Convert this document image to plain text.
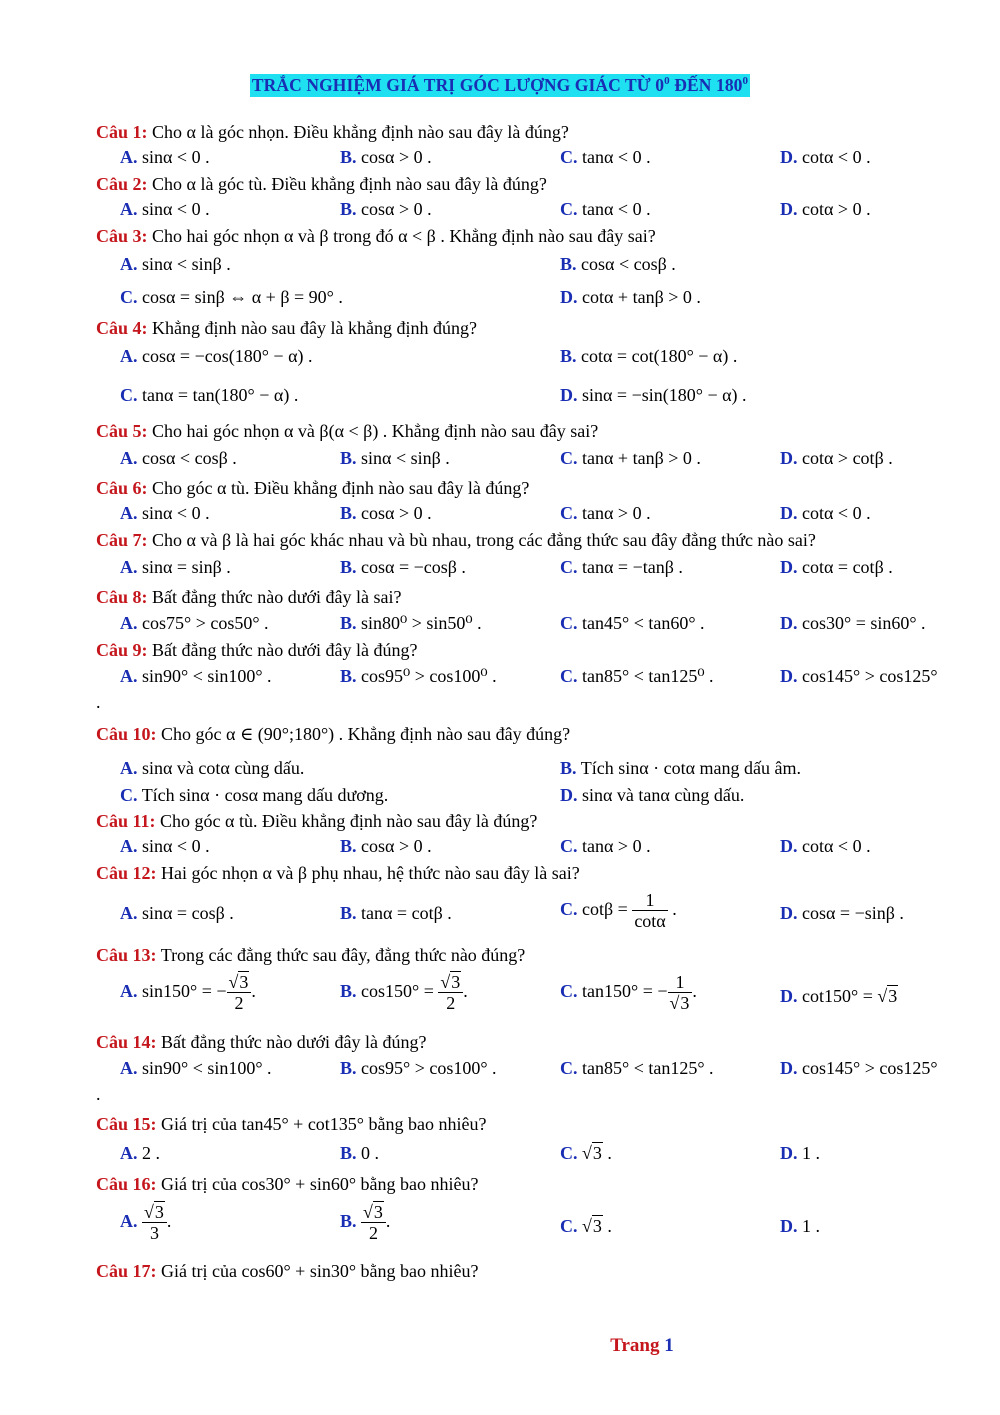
TRẮC NGHIỆM GIÁ TRỊ GÓC LƯỢNG GIÁC TỪ $0^0$ ĐẾN $180^0$
Câu 1: Cho α là góc nhọn. Điều khẳng định nào sau đây là đúng?
A. sinα < 0 .	B. cosα > 0 .	C. tanα < 0 .	D. cotα < 0 .
Câu 2: Cho α là góc tù. Điều khẳng định nào sau đây là đúng?
A. sinα < 0 .	B. cosα > 0 .	C. tanα < 0 .	D. cotα > 0 .
Câu 3: Cho hai góc nhọn α và β trong đó α < β . Khẳng định nào sau đây sai?
A. sinα < sinβ .	B. cosα < cosβ .
C. cosα = sinβ ⇔ α + β = 90° .	D. cotα + tanβ > 0 .
Câu 4: Khẳng định nào sau đây là khẳng định đúng?
A. cosα = −cos(180° − α) .	B. cotα = cot(180° − α) .
C. tanα = tan(180° − α) .	D. sinα = −sin(180° − α) .
Câu 5: Cho hai góc nhọn α và β(α < β) . Khẳng định nào sau đây sai?
A. cosα < cosβ .	B. sinα < sinβ .	C. tanα + tanβ > 0 .	D. cotα > cotβ .
Câu 6: Cho góc α tù. Điều khẳng định nào sau đây là đúng?
A. sinα < 0 .	B. cosα > 0 .	C. tanα > 0 .	D. cotα < 0 .
Câu 7: Cho α và β là hai góc khác nhau và bù nhau, trong các đẳng thức sau đây đẳng thức nào sai?
A. sinα = sinβ .	B. cosα = −cosβ .	C. tanα = −tanβ .	D. cotα = cotβ .
Câu 8: Bất đẳng thức nào dưới đây là sai?
A. cos75° > cos50° .	B. sin80⁰ > sin50⁰ .	C. tan45° < tan60° .	D. cos30° = sin60° .
Câu 9: Bất đẳng thức nào dưới đây là đúng?
A. sin90° < sin100° .	B. cos95⁰ > cos100⁰ .	C. tan85° < tan125⁰ .	D. cos145° > cos125°
.
Câu 10: Cho góc α ∈ (90°;180°) . Khẳng định nào sau đây đúng?
A. sinα và cotα cùng dấu.	B. Tích sinα · cotα mang dấu âm.
C. Tích sinα · cosα mang dấu dương.	D. sinα và tanα cùng dấu.
Câu 11: Cho góc α tù. Điều khẳng định nào sau đây là đúng?
A. sinα < 0 .	B. cosα > 0 .	C. tanα > 0 .	D. cotα < 0 .
Câu 12: Hai góc nhọn α và β phụ nhau, hệ thức nào sau đây là sai?
A. sinα = cosβ .	B. tanα = cotβ .	C. $\cot\beta = \frac{1}{\cot\alpha}$ .	D. cosα = −sinβ .
Câu 13: Trong các đẳng thức sau đây, đẳng thức nào đúng?
A. sin150° = − $\frac{√3}{2}$ .	B. $\cos 150^\circ = \frac{√3}{2}$ .	C. tan150° = − $\frac{1}{√3}$ .	D. cot150° = √3
Câu 14: Bất đẳng thức nào dưới đây là đúng?
A. sin90° < sin100° .	B. cos95° > cos100° .	C. tan85° < tan125° .	D. cos145° > cos125°
.
Câu 15: Giá trị của tan45° + cot135° bằng bao nhiêu?
A. 2 .	B. 0 .	C. √3 .	D. 1 .
Câu 16: Giá trị của cos30° + sin60° bằng bao nhiêu?
A. $\frac{√3}{3}$ .	B. $\frac{√3}{2}$ .	C. √3 .	D. 1 .
Câu 17: Giá trị của cos60° + sin30° bằng bao nhiêu?
Trang 1
